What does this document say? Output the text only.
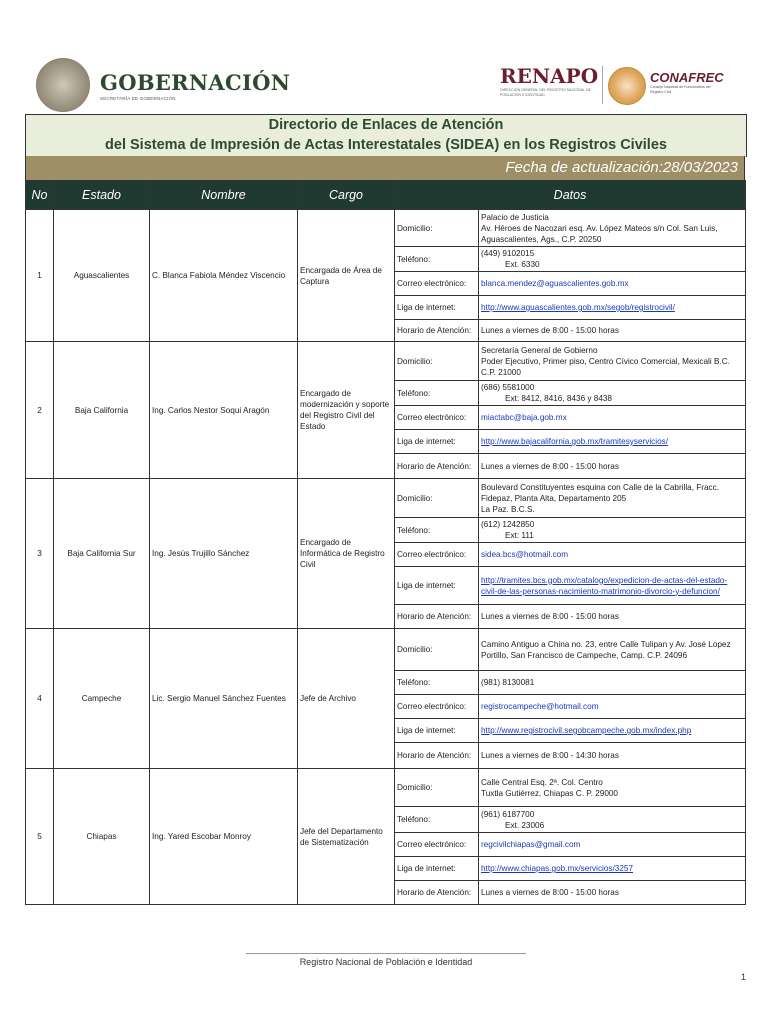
GOBERNACIÓN
SECRETARÍA DE GOBERNACIÓN
RENAPO
DIRECCIÓN GENERAL DEL REGISTRO NACIONAL DE POBLACIÓN E IDENTIDAD
CONAFREC
Consejo Nacional de Funcionarios del Registro Civil
Directorio de Enlaces de Atención
del Sistema de Impresión de Actas Interestatales (SIDEA) en los Registros Civiles
Fecha de actualización:28/03/2023
No	Estado	Nombre	Cargo	Datos	
1	Aguascalientes	C. Blanca Fabiola Méndez Viscencio	Encargada de Área de Captura	Domicilio:	Palacio de Justicia
Av. Héroes de Nacozari esq. Av. López Mateos s/n Col. San Luis, Aguascalientes, Ags., C.P. 20250
				Teléfono:	(449) 9102015
Ext. 6330

				Correo electrónico:	blanca.mendez@aguascalientes.gob.mx
				Liga de internet:	http://www.aguascalientes.gob.mx/segob/registrocivil/
				Horario de Atención:	Lunes a viernes de 8:00 - 15:00 horas
2	Baja California	Ing. Carlos Nestor Soqui Aragón	Encargado de modernización y soporte del Registro Civil del Estado	Domicilio:	Secretaría General de Gobierno
Poder Ejecutivo, Primer piso, Centro Cívico Comercial, Mexicali B.C. C.P. 21000
				Teléfono:	(686) 5581000
Ext: 8412, 8416, 8436 y 8438

				Correo electrónico:	miactabc@baja.gob.mx
				Liga de internet:	http://www.bajacalifornia.gob.mx/tramitesyservicios/
				Horario de Atención:	Lunes a viernes de 8:00 - 15:00 horas
3	Baja California Sur	Ing. Jesús Trujillo Sánchez	Encargado de Informática de Registro Civil	Domicilio:	Boulevard Constituyentes esquina con Calle de la Cabrilla, Fracc. Fidepaz, Planta Alta, Departamento 205
La Paz. B.C.S.
				Teléfono:	(612) 1242850
Ext: 111

				Correo electrónico:	sidea.bcs@hotmail.com
				Liga de internet:	http://tramites.bcs.gob.mx/catalogo/expedicion-de-actas-del-estado-civil-de-las-personas-nacimiento-matrimonio-divorcio-y-defuncion/
				Horario de Atención:	Lunes a viernes de 8:00 - 15:00 horas
4	Campeche	Lic. Sergio Manuel Sánchez Fuentes	Jefe de Archivo	Domicilio:	Camino Antiguo a China no. 23, entre Calle Tulipan y Av. José Lopez Portillo, San Francisco de Campeche, Camp. C.P. 24096
				Teléfono:	(981) 8130081

				Correo electrónico:	registrocampeche@hotmail.com
				Liga de internet:	http://www.registrocivil.segobcampeche.gob.mx/index.php
				Horario de Atención:	Lunes a viernes de 8:00 - 14:30 horas
5	Chiapas	Ing. Yared Escobar Monroy	Jefe del Departamento de Sistematización	Domicilio:	Calle Central Esq. 2ª. Col. Centro
Tuxtla Gutiérrez, Chiapas C. P. 29000
				Teléfono:	(961) 6187700
Ext. 23006

				Correo electrónico:	regcivilchiapas@gmail.com
				Liga de internet:	http://www.chiapas.gob.mx/servicios/3257
				Horario de Atención:	Lunes a viernes de 8:00 - 15:00 horas
Registro Nacional de Población e Identidad
1
